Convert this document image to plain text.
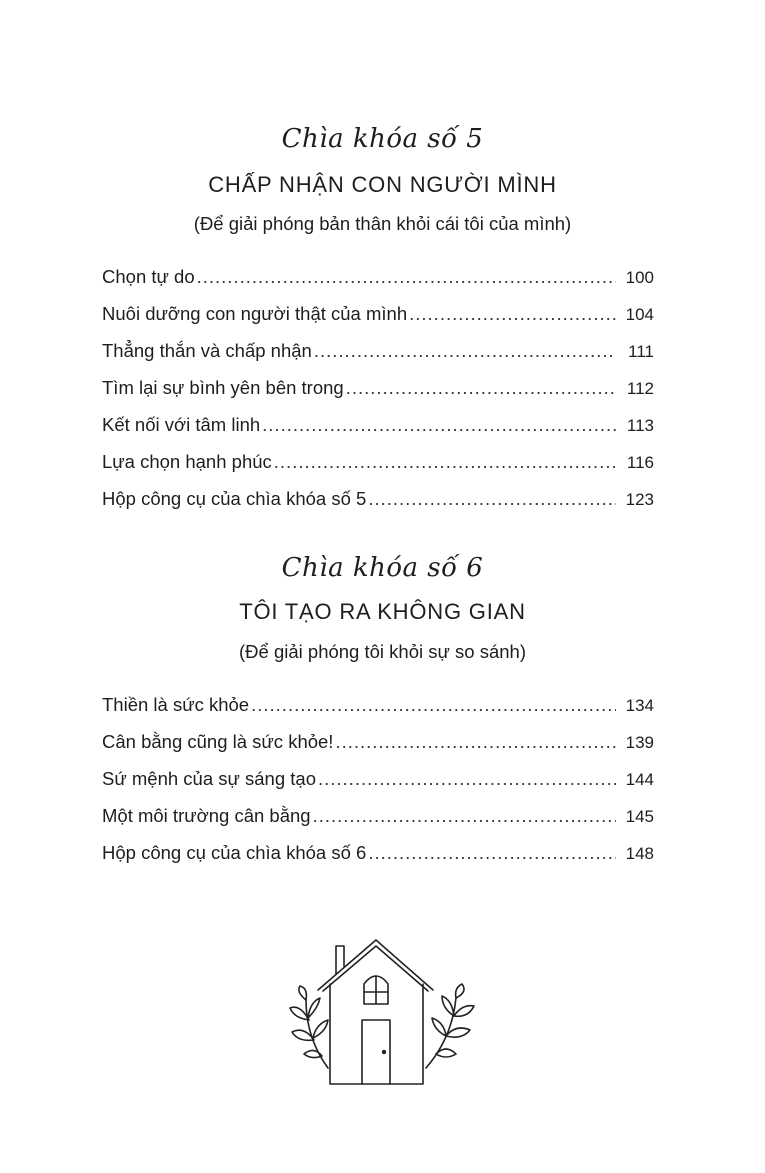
Chìa khóa số 5
CHẤP NHẬN CON NGƯỜI MÌNH
(Để giải phóng bản thân khỏi cái tôi của mình)
Chọn tự do .....	100
Nuôi dưỡng con người thật của mình .....	104
Thẳng thắn và chấp nhận .....	111
Tìm lại sự bình yên bên trong .....	112
Kết nối với tâm linh .....	113
Lựa chọn hạnh phúc .....	116
Hộp công cụ của chìa khóa số 5 .....	123
Chìa khóa số 6
TÔI TẠO RA KHÔNG GIAN
(Để giải phóng tôi khỏi sự so sánh)
Thiền là sức khỏe .....	134
Cân bằng cũng là sức khỏe! .....	139
Sứ mệnh của sự sáng tạo .....	144
Một môi trường cân bằng .....	145
Hộp công cụ của chìa khóa số 6 .....	148
